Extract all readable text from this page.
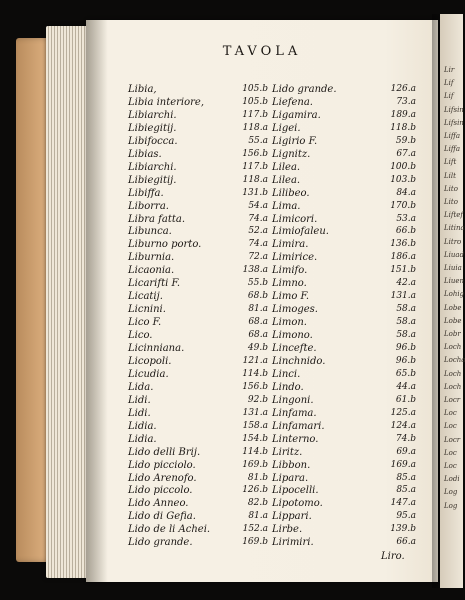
TAVOLA
Libia,	105.b
Libia interiore,	105.b
Libiarchi.	117.b
Libiegitij.	118.a
Libifocca.	55.a
Libias.	156.b
Libiarchi.	117.b
Libiegitij.	118.a
Libiffa.	131.b
Liborra.	54.a
Libra fatta.	74.a
Libunca.	52.a
Liburno porto.	74.a
Liburnia.	72.a
Licaonia.	138.a
Licarifti F.	55.b
Licatij.	68.b
Licnini.	81.a
Lico F.	68.a
Lico.	68.a
Licinniana.	49.b
Licopoli.	121.a
Licudia.	114.b
Lida.	156.b
Lidi.	92.b
Lidi.	131.a
Lidia.	158.a
Lidia.	154.b
Lido delli Brij.	114.b
Lido picciolo.	169.b
Lido Arenofo.	81.b
Lido piccolo.	126.b
Lido Anneo.	82.b
Lido di Gefia.	81.a
Lido de li Achei.	152.a
Lido grande.	169.b
Lido grande.	126.a
Liefena.	73.a
Ligamira.	189.a
Ligei.	118.b
Ligirio F.	59.b
Lignitz.	67.a
Lilea.	100.b
Lilea.	103.b
Lilibeo.	84.a
Lima.	170.b
Limicori.	53.a
Limiofaleu.	66.b
Limira.	136.b
Limirice.	186.a
Limifo.	151.b
Limno.	42.a
Limo F.	131.a
Limoges.	58.a
Limon.	58.a
Limono.	58.a
Lincefte.	96.b
Linchnido.	96.b
Linci.	65.b
Lindo.	44.a
Lingoni.	61.b
Linfama.	125.a
Linfamari.	124.a
Linterno.	74.b
Liritz.	69.a
Libbon.	169.a
Lipara.	85.a
Lipocelli.	85.a
Lipotomo.	147.a
Lippari.	95.a
Lirbe.	139.b
Lirimiri.	66.a
Liro.
Lir
Lif
Lif
Lifsin
Lifsin
Liffa
Liffa
Lift
Lilt
Lito
Lito
Liftef
Litina
Litro
Liuad
Liuia
Liuen
Lohig
Lobe
Lobe
Lobr
Loch
Locha
Loch
Loch
Locr
Loc
Loc
Locr
Loc
Loc
Lodi
Log
Log
